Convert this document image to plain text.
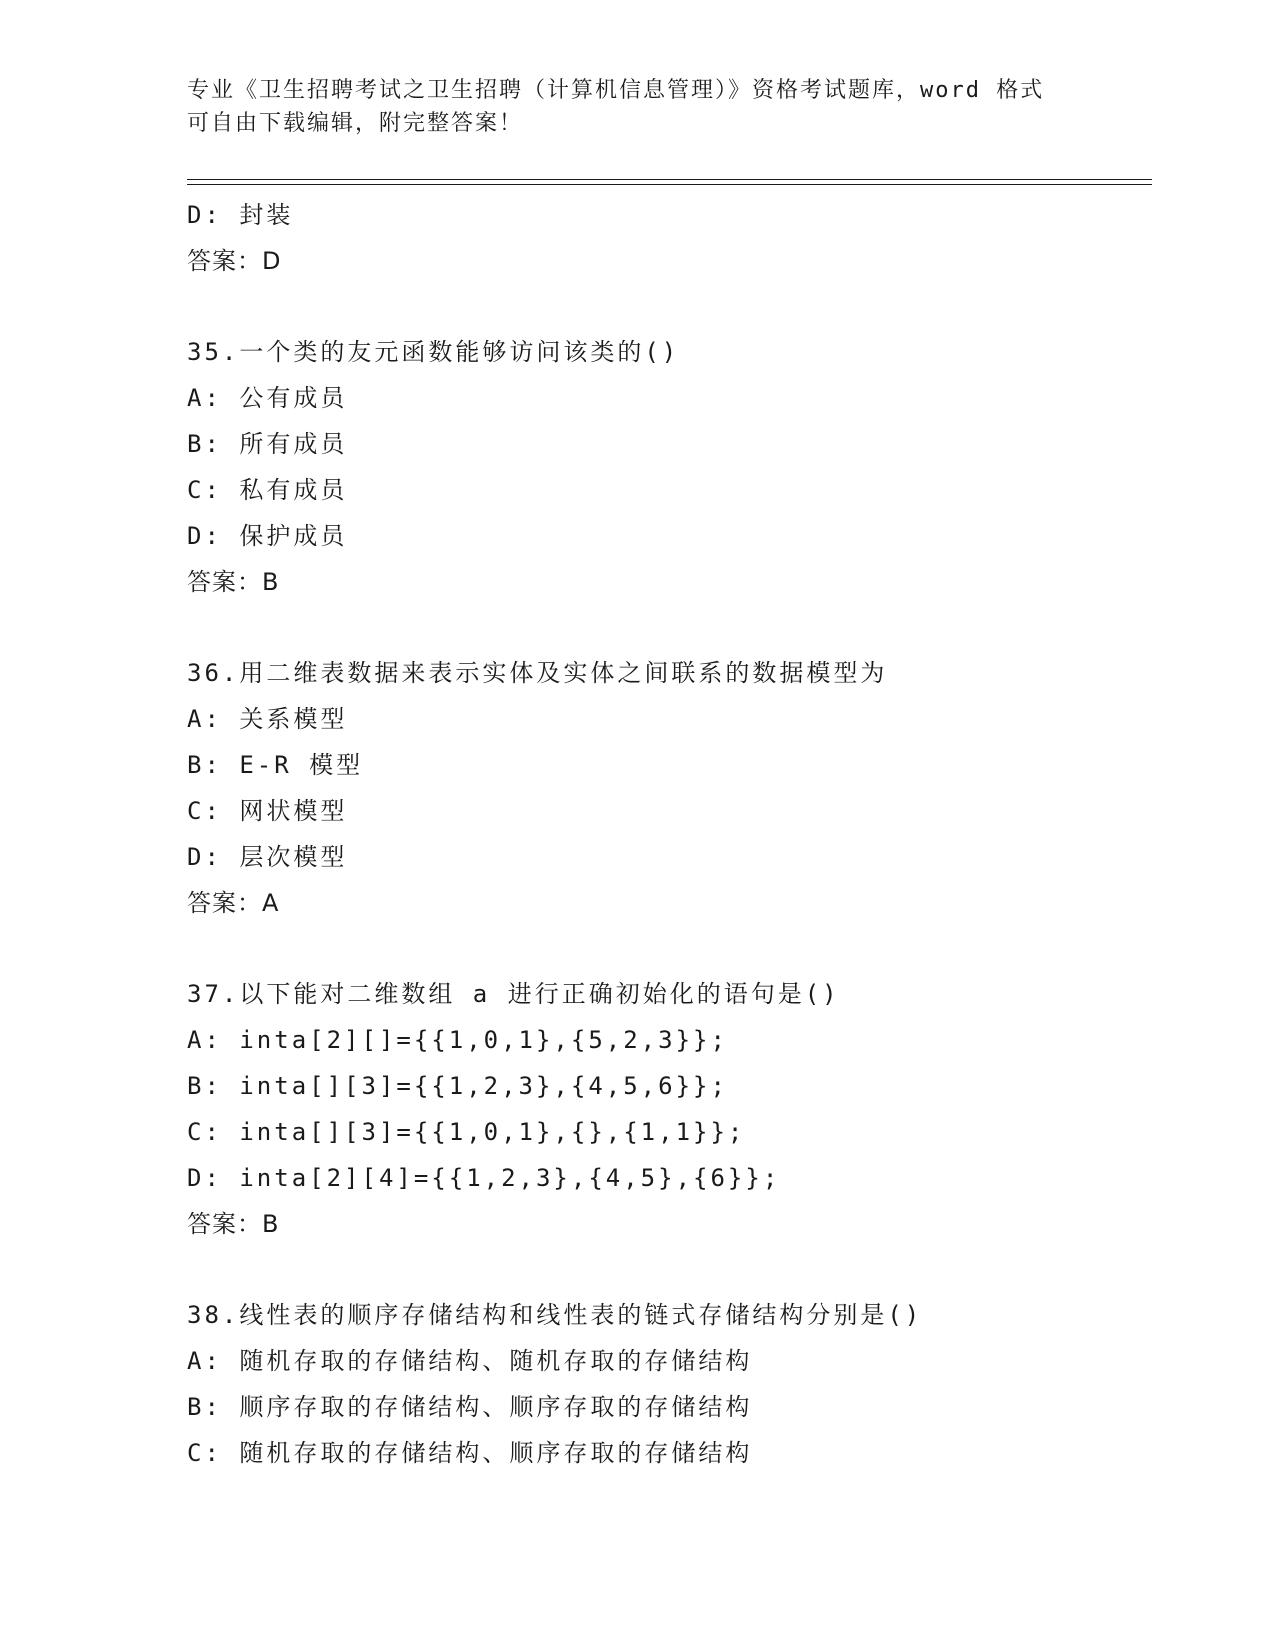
专业《卫生招聘考试之卫生招聘（计算机信息管理）》资格考试题库，word 格式
可自由下载编辑，附完整答案！
D: 封装
答案：D
35.一个类的友元函数能够访问该类的()
A: 公有成员
B: 所有成员
C: 私有成员
D: 保护成员
答案：B
36.用二维表数据来表示实体及实体之间联系的数据模型为
A: 关系模型
B: E-R 模型
C: 网状模型
D: 层次模型
答案：A
37.以下能对二维数组 a 进行正确初始化的语句是()
A: inta[2][]={{1,0,1},{5,2,3}};
B: inta[][3]={{1,2,3},{4,5,6}};
C: inta[][3]={{1,0,1},{},{1,1}};
D: inta[2][4]={{1,2,3},{4,5},{6}};
答案：B
38.线性表的顺序存储结构和线性表的链式存储结构分别是()
A: 随机存取的存储结构、随机存取的存储结构
B: 顺序存取的存储结构、顺序存取的存储结构
C: 随机存取的存储结构、顺序存取的存储结构
